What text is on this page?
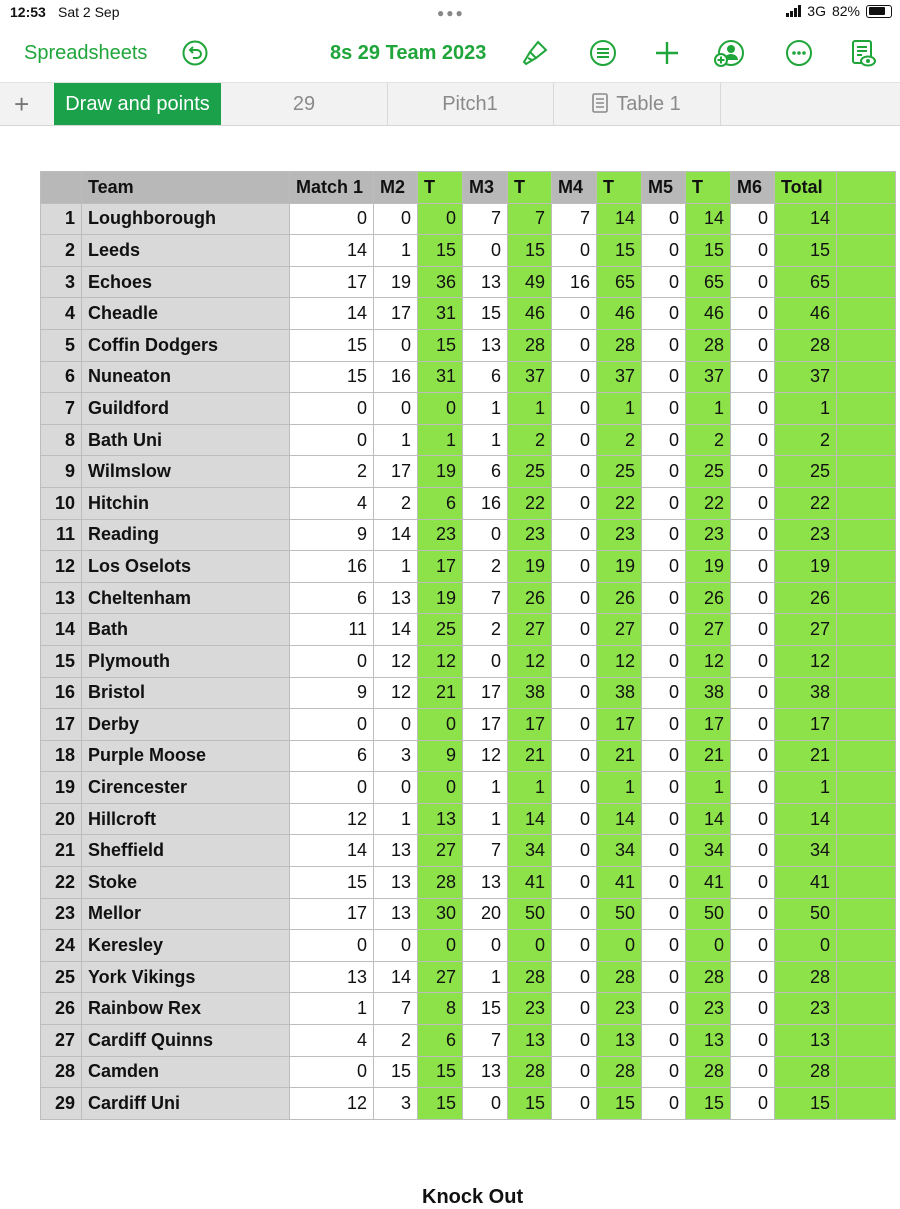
12:53 Sat 2 Sep	●●●	3G 82%
Spreadsheets	8s 29 Team 2023
+	Draw and points	29	Pitch1	Table 1
	Team	Match 1	M2	T	M3	T	M4	T	M5	T	M6	Total	
1	Loughborough	0	0	0	7	7	7	14	0	14	0	14	
2	Leeds	14	1	15	0	15	0	15	0	15	0	15	
3	Echoes	17	19	36	13	49	16	65	0	65	0	65	
4	Cheadle	14	17	31	15	46	0	46	0	46	0	46	
5	Coffin Dodgers	15	0	15	13	28	0	28	0	28	0	28	
6	Nuneaton	15	16	31	6	37	0	37	0	37	0	37	
7	Guildford	0	0	0	1	1	0	1	0	1	0	1	
8	Bath Uni	0	1	1	1	2	0	2	0	2	0	2	
9	Wilmslow	2	17	19	6	25	0	25	0	25	0	25	
10	Hitchin	4	2	6	16	22	0	22	0	22	0	22	
11	Reading	9	14	23	0	23	0	23	0	23	0	23	
12	Los Oselots	16	1	17	2	19	0	19	0	19	0	19	
13	Cheltenham	6	13	19	7	26	0	26	0	26	0	26	
14	Bath	11	14	25	2	27	0	27	0	27	0	27	
15	Plymouth	0	12	12	0	12	0	12	0	12	0	12	
16	Bristol	9	12	21	17	38	0	38	0	38	0	38	
17	Derby	0	0	0	17	17	0	17	0	17	0	17	
18	Purple Moose	6	3	9	12	21	0	21	0	21	0	21	
19	Cirencester	0	0	0	1	1	0	1	0	1	0	1	
20	Hillcroft	12	1	13	1	14	0	14	0	14	0	14	
21	Sheffield	14	13	27	7	34	0	34	0	34	0	34	
22	Stoke	15	13	28	13	41	0	41	0	41	0	41	
23	Mellor	17	13	30	20	50	0	50	0	50	0	50	
24	Keresley	0	0	0	0	0	0	0	0	0	0	0	
25	York Vikings	13	14	27	1	28	0	28	0	28	0	28	
26	Rainbow Rex	1	7	8	15	23	0	23	0	23	0	23	
27	Cardiff Quinns	4	2	6	7	13	0	13	0	13	0	13	
28	Camden	0	15	15	13	28	0	28	0	28	0	28	
29	Cardiff Uni	12	3	15	0	15	0	15	0	15	0	15	
Knock Out
